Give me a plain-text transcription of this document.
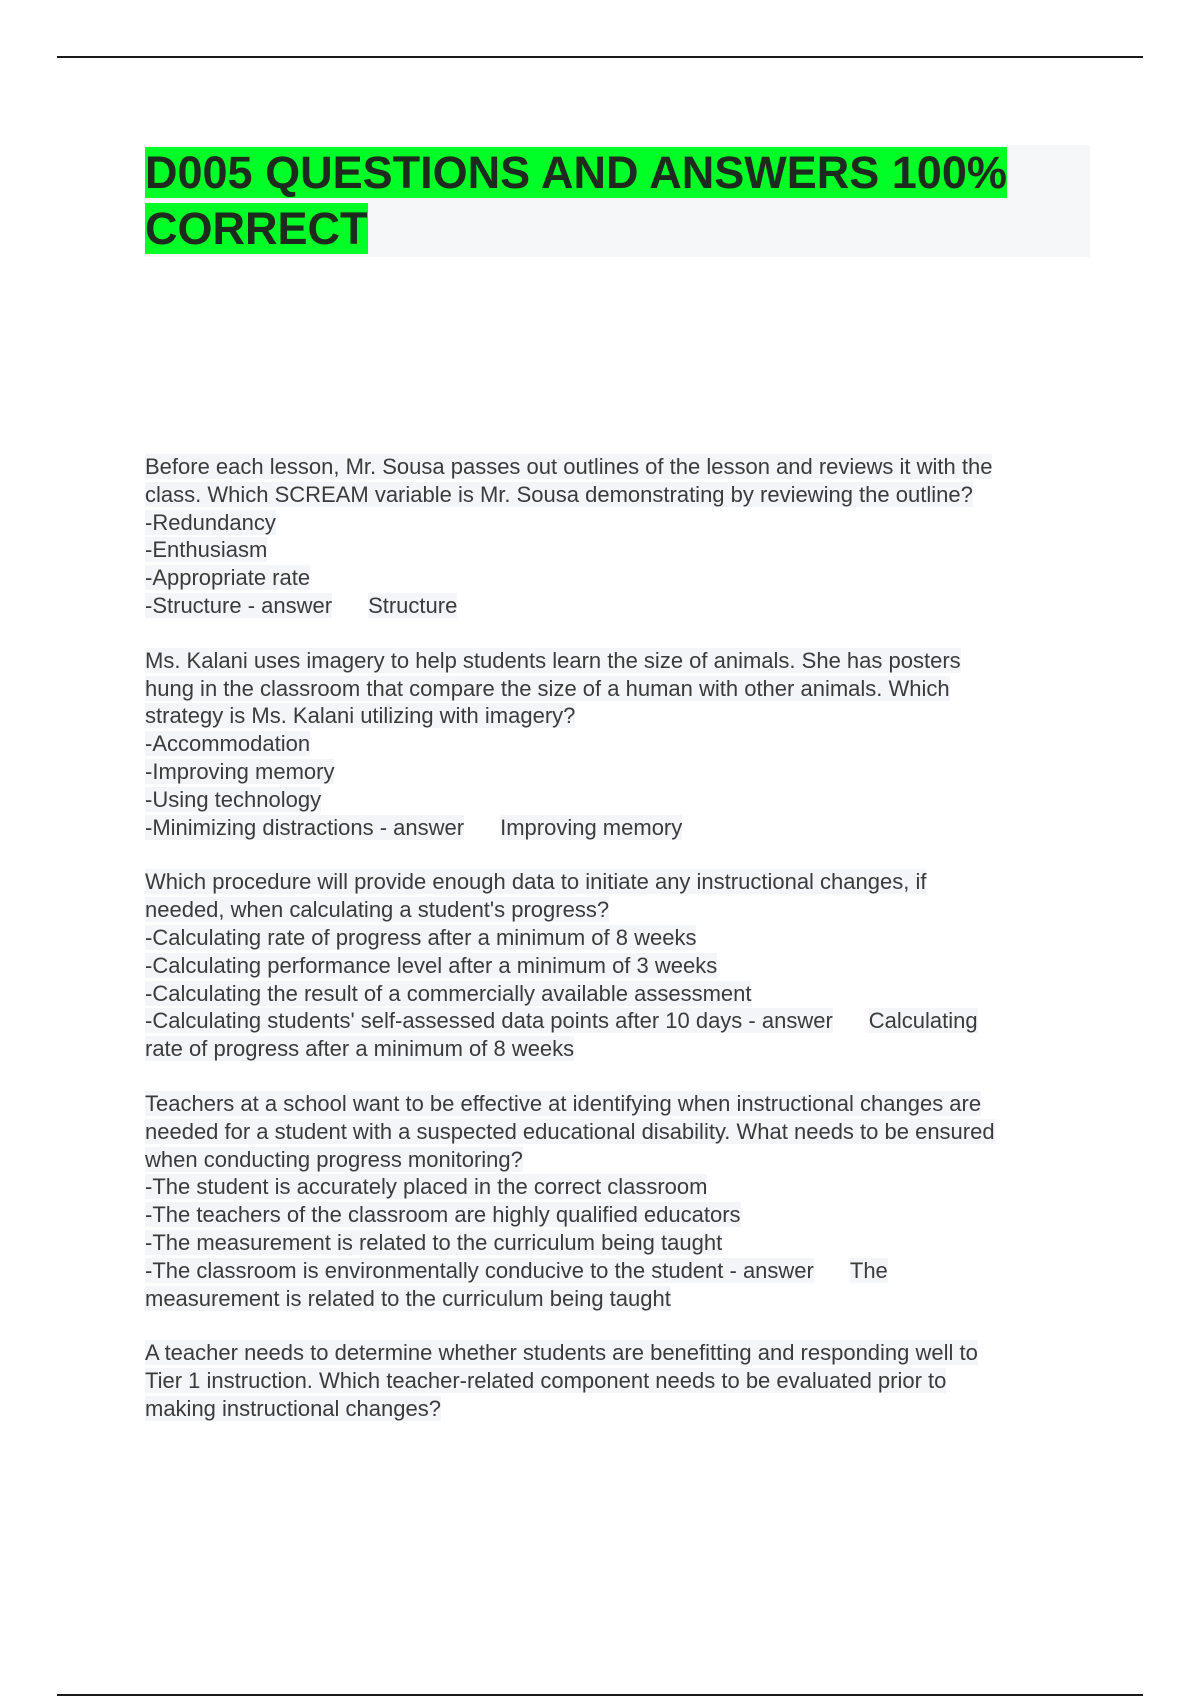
D005 QUESTIONS AND ANSWERS 100% CORRECT
Before each lesson, Mr. Sousa passes out outlines of the lesson and reviews it with the
class. Which SCREAM variable is Mr. Sousa demonstrating by reviewing the outline?
-Redundancy
-Enthusiasm
-Appropriate rate
-Structure - answer Structure
Ms. Kalani uses imagery to help students learn the size of animals. She has posters
hung in the classroom that compare the size of a human with other animals. Which
strategy is Ms. Kalani utilizing with imagery?
-Accommodation
-Improving memory
-Using technology
-Minimizing distractions - answer Improving memory
Which procedure will provide enough data to initiate any instructional changes, if
needed, when calculating a student's progress?
-Calculating rate of progress after a minimum of 8 weeks
-Calculating performance level after a minimum of 3 weeks
-Calculating the result of a commercially available assessment
-Calculating students' self-assessed data points after 10 days - answer Calculating
rate of progress after a minimum of 8 weeks
Teachers at a school want to be effective at identifying when instructional changes are
needed for a student with a suspected educational disability. What needs to be ensured
when conducting progress monitoring?
-The student is accurately placed in the correct classroom
-The teachers of the classroom are highly qualified educators
-The measurement is related to the curriculum being taught
-The classroom is environmentally conducive to the student - answer The
measurement is related to the curriculum being taught
A teacher needs to determine whether students are benefitting and responding well to
Tier 1 instruction. Which teacher-related component needs to be evaluated prior to
making instructional changes?
